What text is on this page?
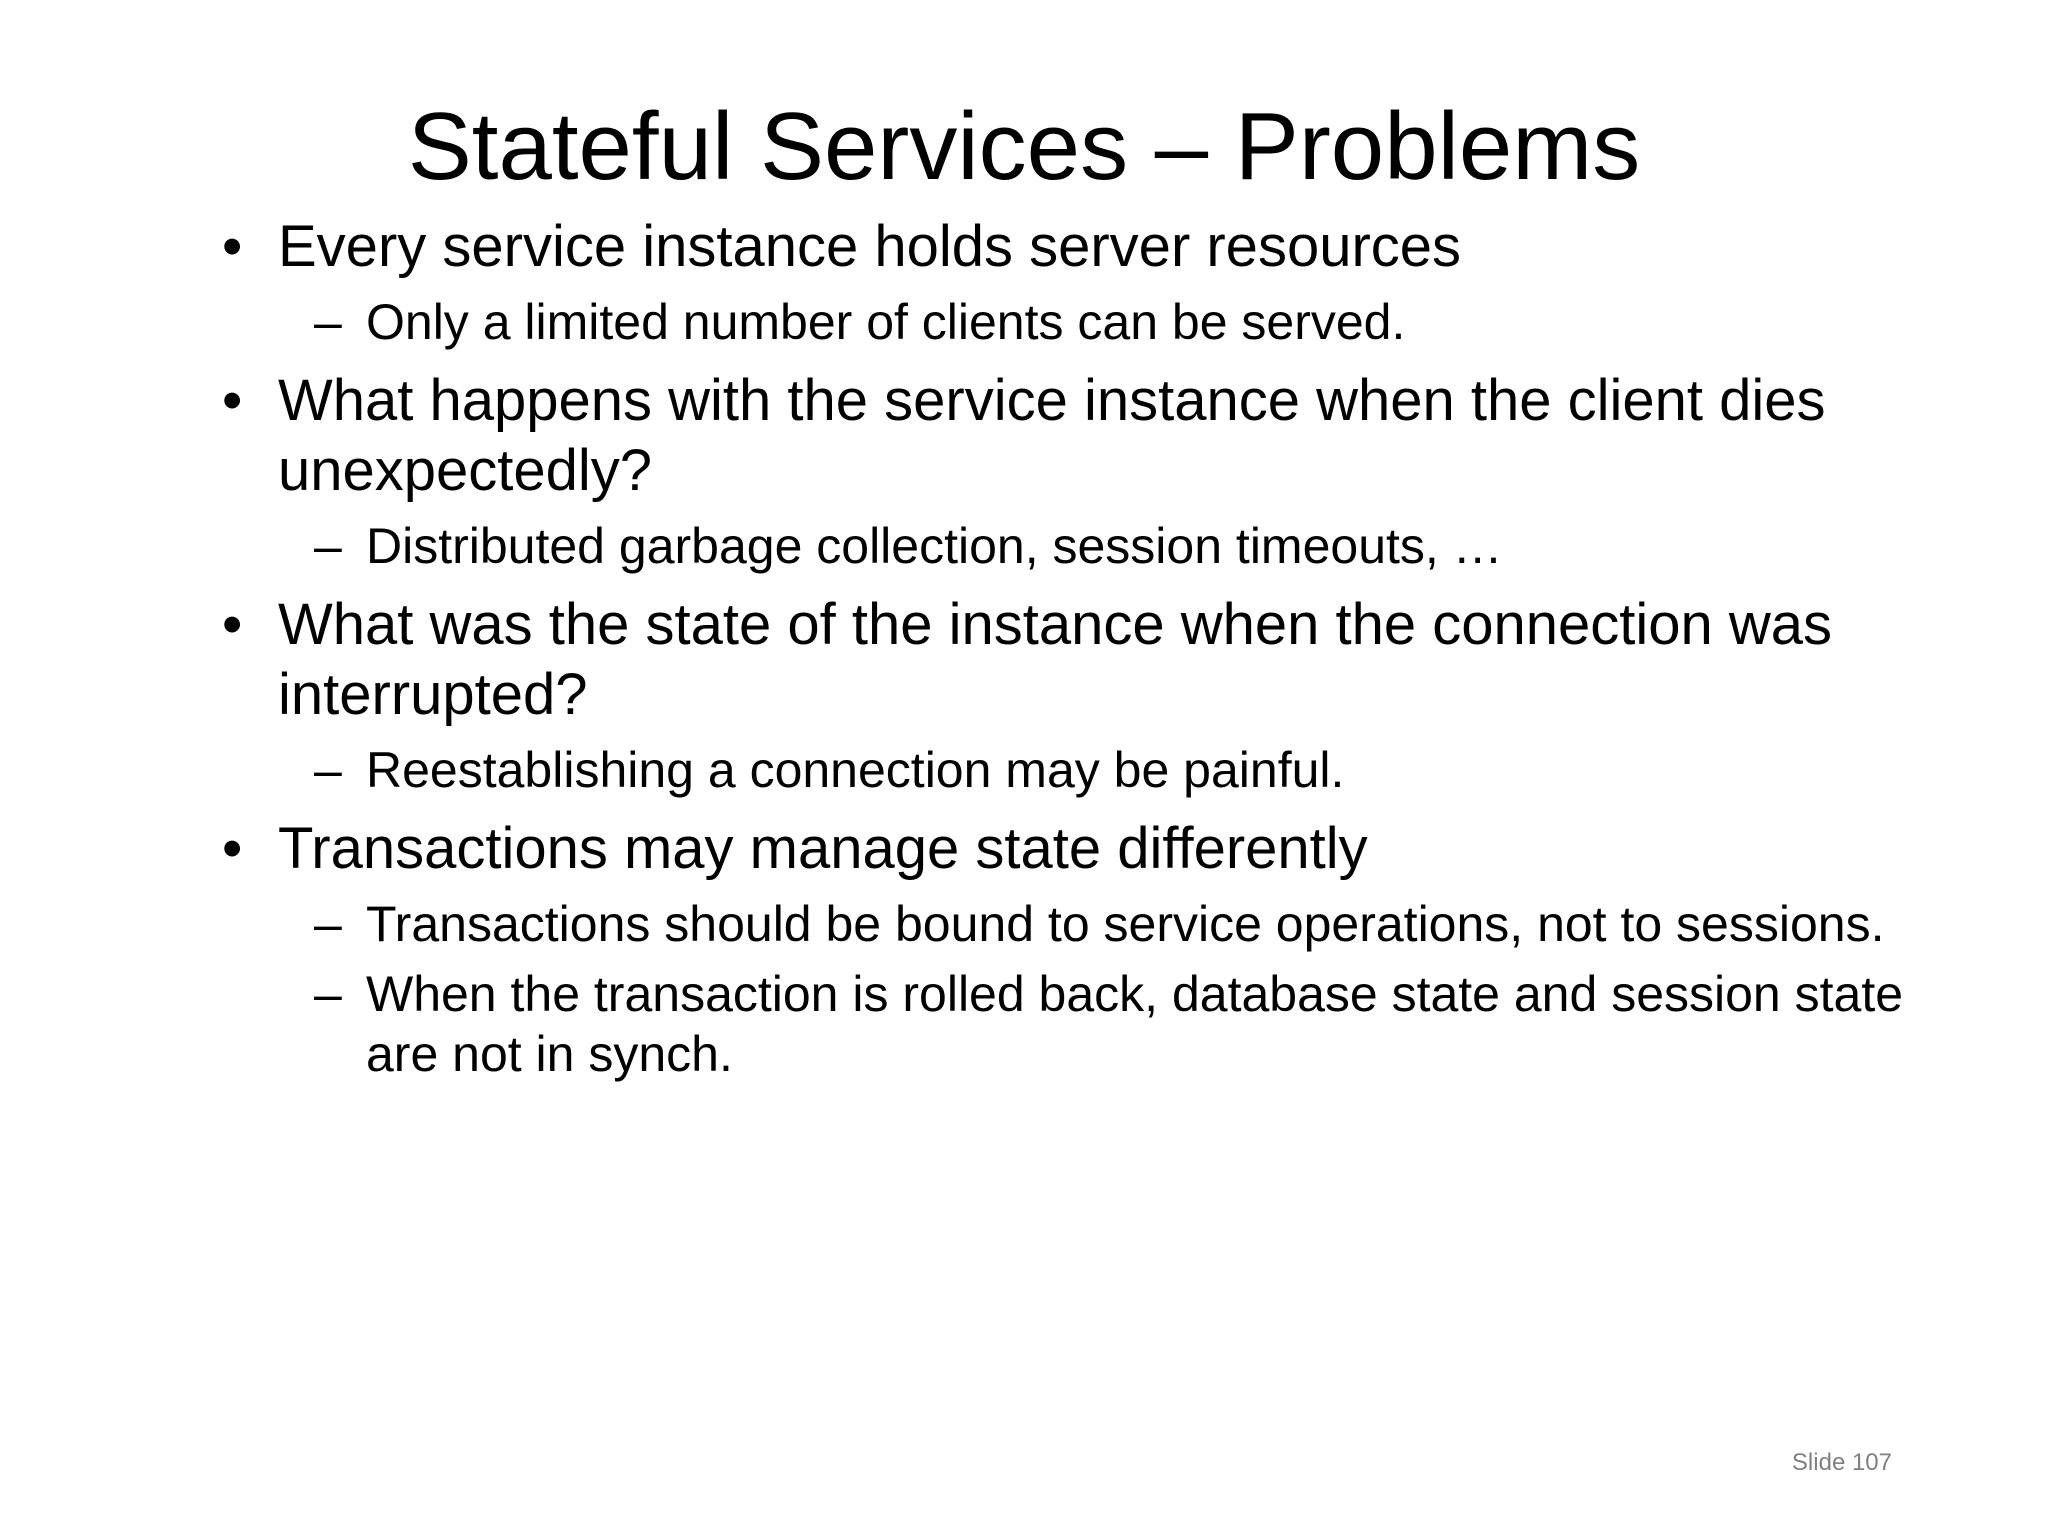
Stateful Services – Problems
• Every service instance holds server resources
– Only a limited number of clients can be served.
• What happens with the service instance when the client dies unexpectedly?
– Distributed garbage collection, session timeouts, …
• What was the state of the instance when the connection was interrupted?
– Reestablishing a connection may be painful.
• Transactions may manage state differently
– Transactions should be bound to service operations, not to sessions.
– When the transaction is rolled back, database state and session state are not in synch.
Slide 107
